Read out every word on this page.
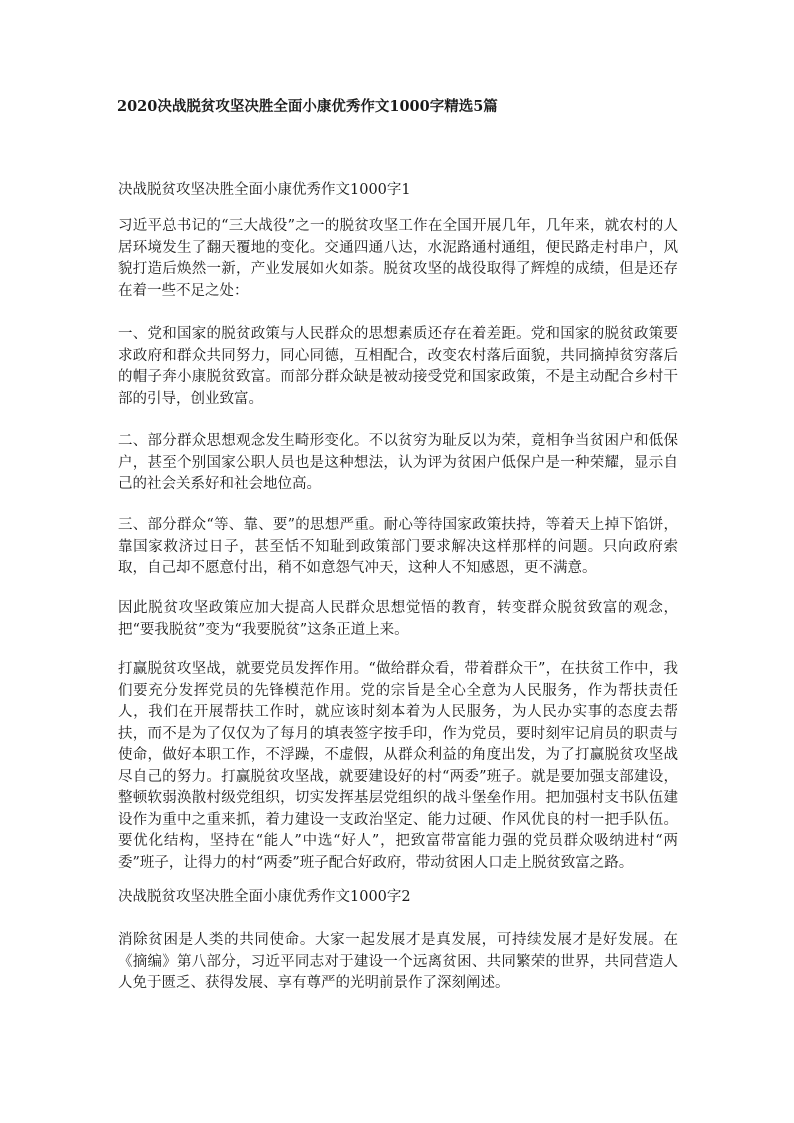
2020决战脱贫攻坚决胜全面小康优秀作文1000字精选5篇
决战脱贫攻坚决胜全面小康优秀作文1000字1

习近平总书记的“三大战役”之一的脱贫攻坚工作在全国开展几年，几年来，就农村的人居环境发生了翻天覆地的变化。交通四通八达，水泥路通村通组，便民路走村串户，风貌打造后焕然一新，产业发展如火如荼。脱贫攻坚的战役取得了辉煌的成绩，但是还存在着一些不足之处：

一、党和国家的脱贫政策与人民群众的思想素质还存在着差距。党和国家的脱贫政策要求政府和群众共同努力，同心同德，互相配合，改变农村落后面貌，共同摘掉贫穷落后的帽子奔小康脱贫致富。而部分群众缺是被动接受党和国家政策，不是主动配合乡村干部的引导，创业致富。

二、部分群众思想观念发生畸形变化。不以贫穷为耻反以为荣，竟相争当贫困户和低保户，甚至个别国家公职人员也是这种想法，认为评为贫困户低保户是一种荣耀，显示自己的社会关系好和社会地位高。

三、部分群众“等、靠、要”的思想严重。耐心等待国家政策扶持，等着天上掉下馅饼，靠国家救济过日子，甚至恬不知耻到政策部门要求解决这样那样的问题。只向政府索取，自己却不愿意付出，稍不如意怨气冲天，这种人不知感恩，更不满意。

因此脱贫攻坚政策应加大提高人民群众思想觉悟的教育，转变群众脱贫致富的观念，把“要我脱贫”变为“我要脱贫”这条正道上来。

打赢脱贫攻坚战，就要党员发挥作用。“做给群众看，带着群众干”，在扶贫工作中，我们要充分发挥党员的先锋模范作用。党的宗旨是全心全意为人民服务，作为帮扶责任人，我们在开展帮扶工作时，就应该时刻本着为人民服务，为人民办实事的态度去帮扶，而不是为了仅仅为了每月的填表签字按手印，作为党员，要时刻牢记肩员的职责与使命，做好本职工作，不浮躁，不虚假，从群众利益的角度出发，为了打赢脱贫攻坚战尽自己的努力。打赢脱贫攻坚战，就要建设好的村“两委”班子。就是要加强支部建设，整顿软弱涣散村级党组织，切实发挥基层党组织的战斗堡垒作用。把加强村支书队伍建设作为重中之重来抓，着力建设一支政治坚定、能力过硬、作风优良的村一把手队伍。要优化结构，坚持在“能人”中选“好人”，把致富带富能力强的党员群众吸纳进村“两委”班子，让得力的村“两委”班子配合好政府，带动贫困人口走上脱贫致富之路。

决战脱贫攻坚决胜全面小康优秀作文1000字2

消除贫困是人类的共同使命。大家一起发展才是真发展，可持续发展才是好发展。在《摘编》第八部分，习近平同志对于建设一个远离贫困、共同繁荣的世界，共同营造人人免于匮乏、获得发展、享有尊严的光明前景作了深刻阐述。
